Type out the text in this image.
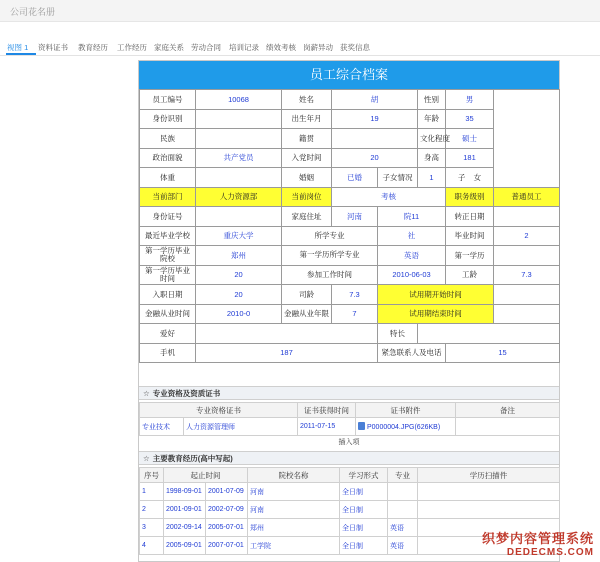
公司花名册
视图 1 资料证书 教育经历 工作经历 家庭关系 劳动合同 培训记录 绩效考核 岗薪异动 获奖信息
员工综合档案
员工编号	10068	姓名	胡		性别	男	
身份识别		出生年月	19		年龄	35	
民族		籍贯			文化程度	硕士	
政治面貌	共产党员	入党时间	20		身高	181	
体重		婚姻	已婚	子女情况	1	子 女	
当前部门	人力资源部	当前岗位	考核			职务级别	普通员工
身份证号		家庭住址	河南	院11		转正日期	
最近毕业学校	重庆大学	所学专业		社		毕业时间	2
第一学历毕业院校	郑州	第一学历所学专业		英语		第一学历	
第一学历毕业时间	20	参加工作时间		2010-06-03		工龄	7.3
入职日期	20	司龄	7.3	试用期开始时间			
金融从业时间	2010-0	金融从业年限	7	试用期结束时间			
爱好				特长			
手机	187			紧急联系人及电话		15	
☆ 专业资格及资质证书
专业资格证书		证书获得时间	证书附件	备注
专业技术	人力资源管理师	2011-07-15	P0000004.JPG(626KB)	
插入项
☆ 主要教育经历(高中写起)
序号	起止时间		院校名称	学习形式	专业	学历扫描件
1	1998-09-01	2001-07-09	河南	全日制		
2	2001-09-01	2002-07-09	河南	全日制		
3	2002-09-14	2005-07-01	郑州	全日制	英语	
4	2005-09-01	2007-07-01	工学院	全日制	英语		织梦内容管理系统
DEDECMS.COM
